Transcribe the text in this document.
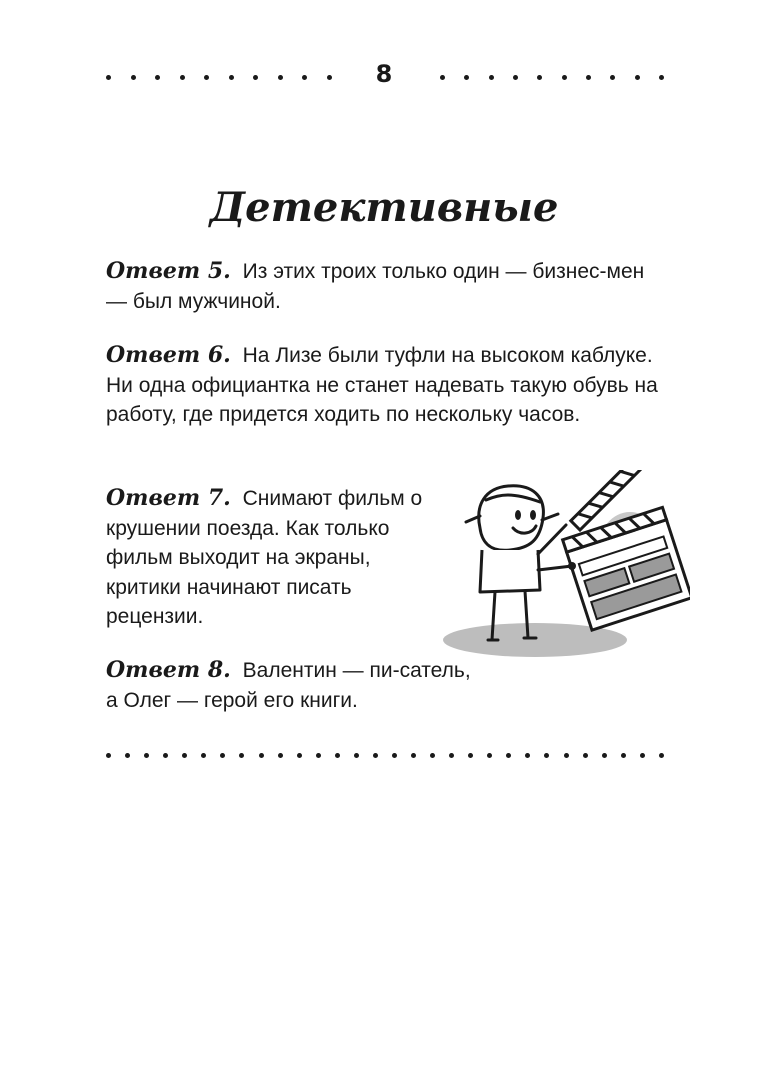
8
Детективные

Ответ 5. Из этих троих только один — бизнес-мен — был мужчиной.

Ответ 6. На Лизе были туфли на высоком каблуке. Ни одна официантка не станет надевать такую обувь на работу, где придется ходить по нескольку часов.

Ответ 7. Снимают фильм о крушении поезда. Как только фильм выходит на экраны, критики начинают писать рецензии.

Ответ 8. Валентин — пи-сатель, а Олег — герой его книги.
